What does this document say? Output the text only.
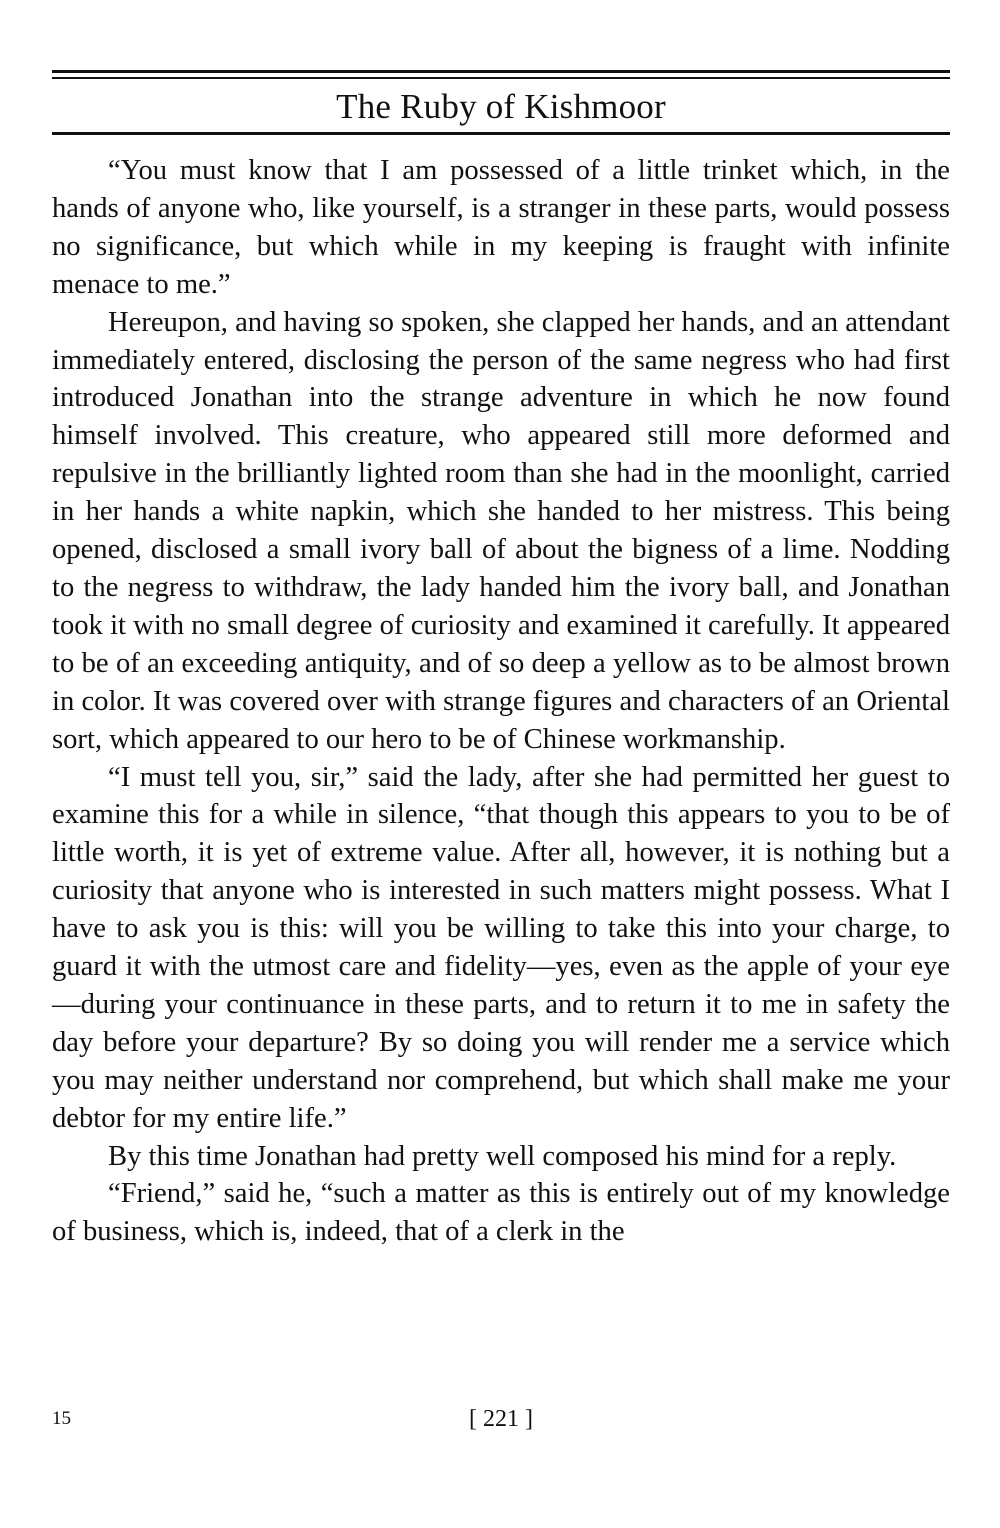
The Ruby of Kishmoor

“You must know that I am possessed of a little trinket which, in the hands of anyone who, like yourself, is a stranger in these parts, would possess no significance, but which while in my keeping is fraught with infinite menace to me.”

Hereupon, and having so spoken, she clapped her hands, and an attendant immediately entered, disclosing the person of the same negress who had first introduced Jonathan into the strange adventure in which he now found himself involved. This creature, who appeared still more deformed and repulsive in the brilliantly lighted room than she had in the moonlight, carried in her hands a white napkin, which she handed to her mistress. This being opened, disclosed a small ivory ball of about the bigness of a lime. Nodding to the negress to withdraw, the lady handed him the ivory ball, and Jonathan took it with no small degree of curiosity and examined it carefully. It appeared to be of an exceeding antiquity, and of so deep a yellow as to be almost brown in color. It was covered over with strange figures and characters of an Oriental sort, which appeared to our hero to be of Chinese workmanship.

“I must tell you, sir,” said the lady, after she had permitted her guest to examine this for a while in silence, “that though this appears to you to be of little worth, it is yet of extreme value. After all, however, it is nothing but a curiosity that anyone who is interested in such matters might possess. What I have to ask you is this: will you be willing to take this into your charge, to guard it with the utmost care and fidelity—yes, even as the apple of your eye—during your continuance in these parts, and to return it to me in safety the day before your departure? By so doing you will render me a service which you may neither understand nor comprehend, but which shall make me your debtor for my entire life.”

By this time Jonathan had pretty well composed his mind for a reply.

“Friend,” said he, “such a matter as this is entirely out of my knowledge of business, which is, indeed, that of a clerk in the

15	[ 221 ]
